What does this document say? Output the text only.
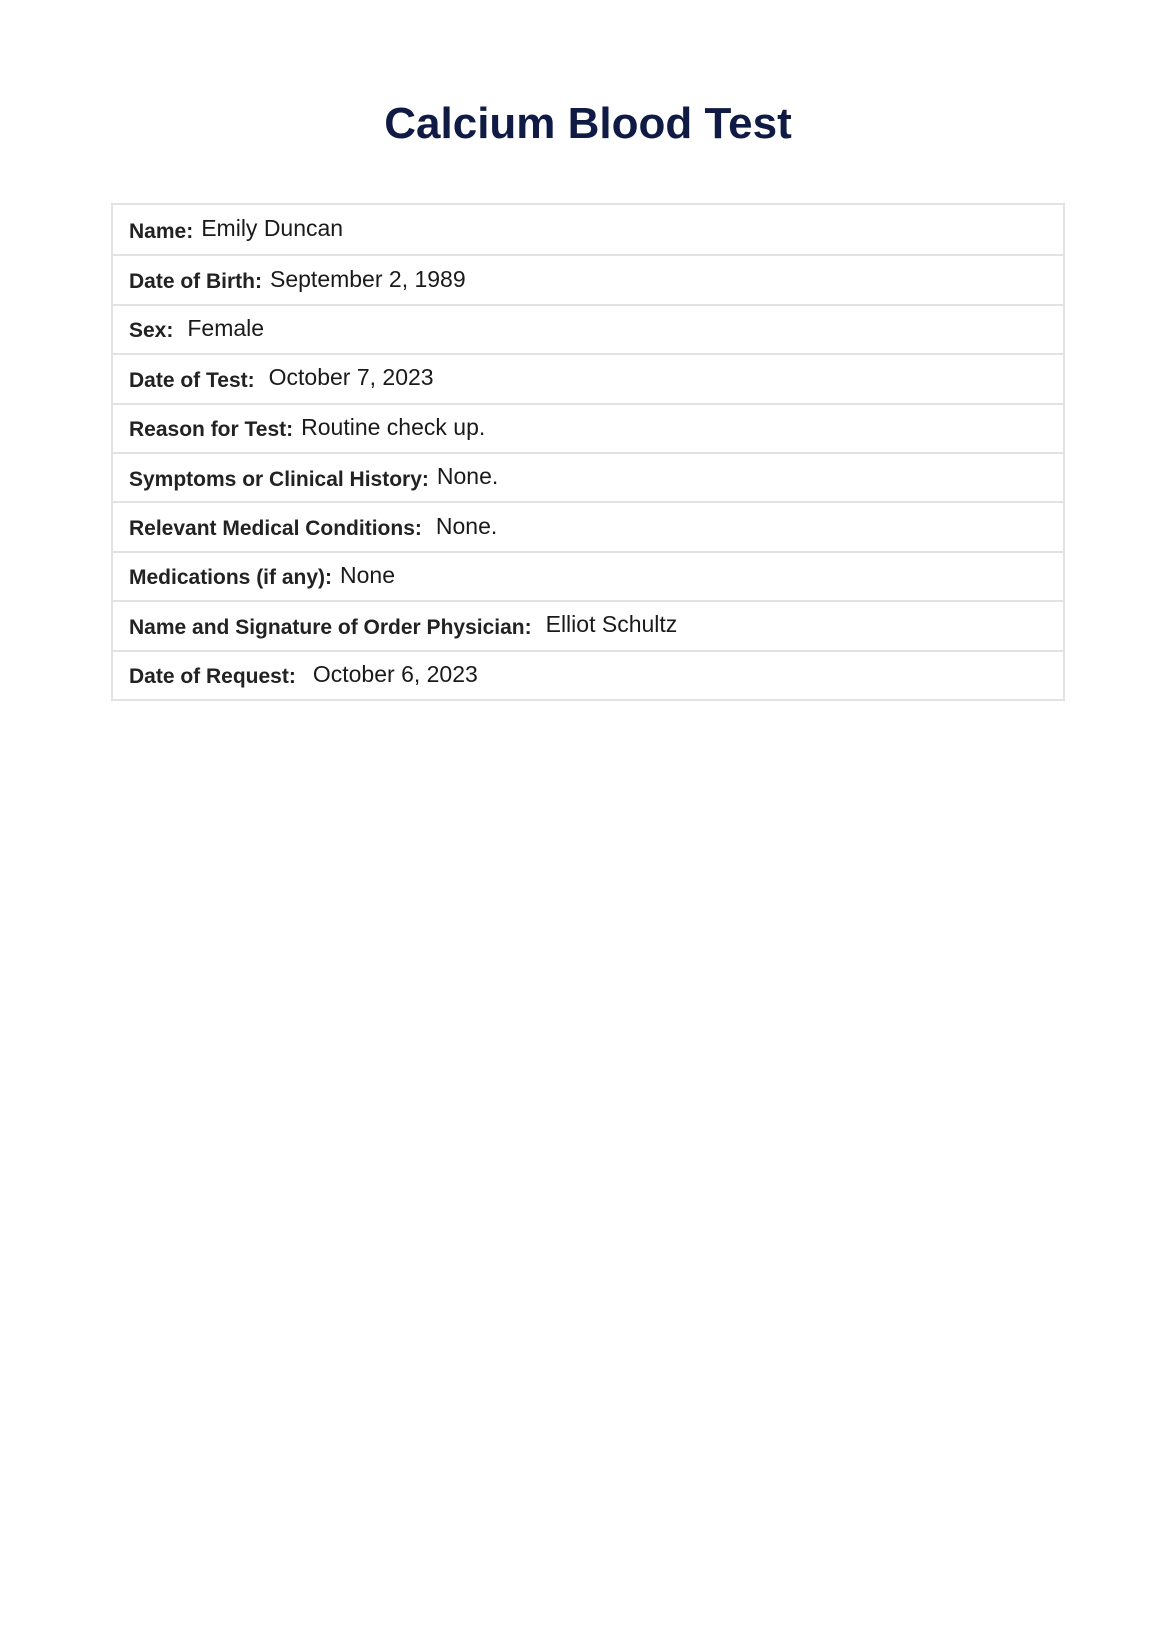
Calcium Blood Test
Name: Emily Duncan
Date of Birth: September 2, 1989
Sex: Female
Date of Test: October 7, 2023
Reason for Test: Routine check up.
Symptoms or Clinical History: None.
Relevant Medical Conditions: None.
Medications (if any): None
Name and Signature of Order Physician: Elliot Schultz
Date of Request: October 6, 2023
